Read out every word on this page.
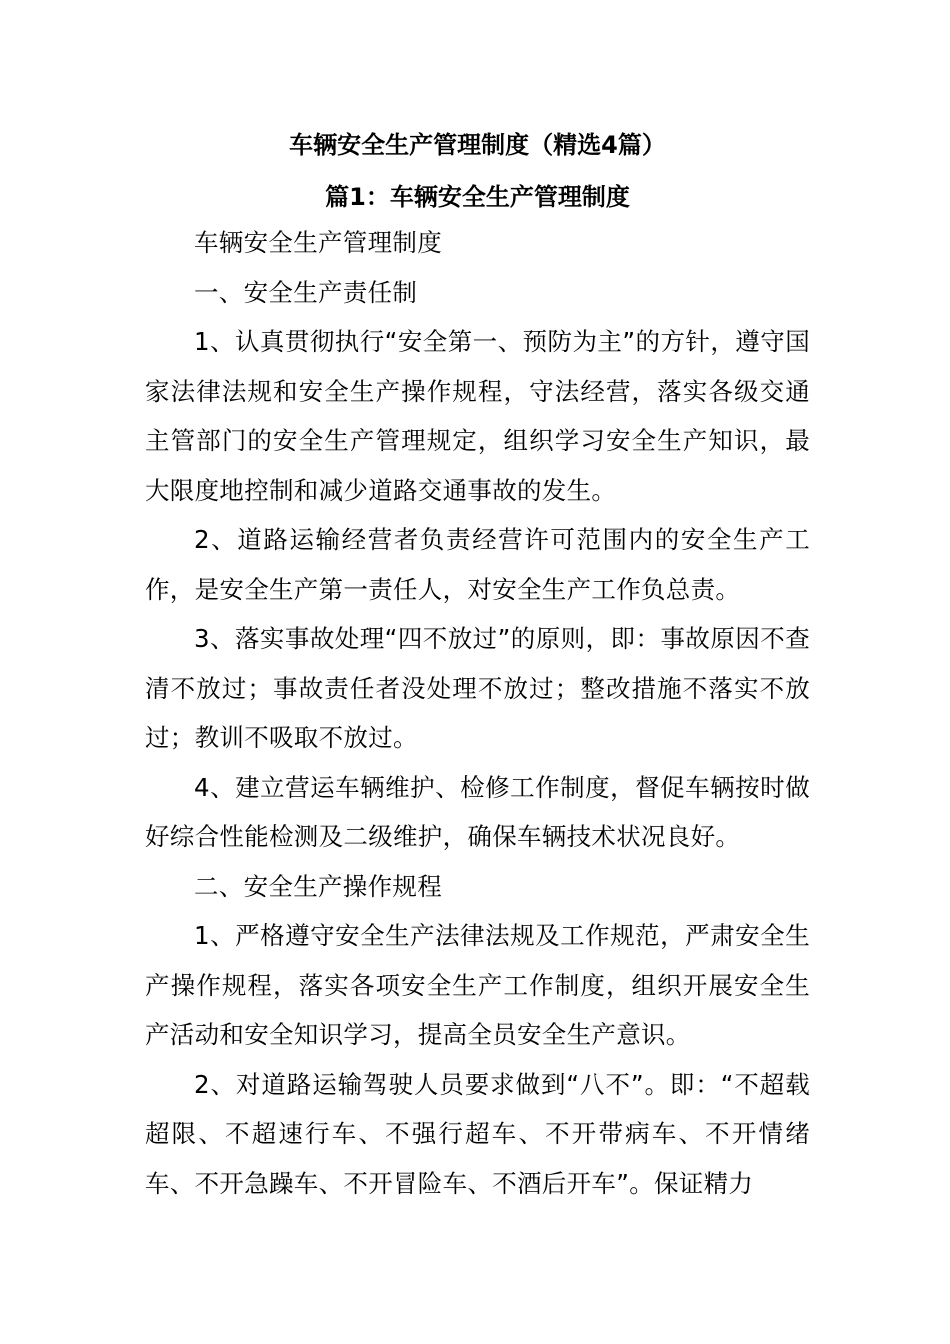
车辆安全生产管理制度（精选4篇）
篇1：车辆安全生产管理制度

车辆安全生产管理制度

一、安全生产责任制

1、认真贯彻执行“安全第一、预防为主”的方针，遵守国家法律法规和安全生产操作规程，守法经营，落实各级交通主管部门的安全生产管理规定，组织学习安全生产知识，最大限度地控制和减少道路交通事故的发生。

2、道路运输经营者负责经营许可范围内的安全生产工作，是安全生产第一责任人，对安全生产工作负总责。

3、落实事故处理“四不放过”的原则，即：事故原因不查清不放过；事故责任者没处理不放过；整改措施不落实不放过；教训不吸取不放过。

4、建立营运车辆维护、检修工作制度，督促车辆按时做好综合性能检测及二级维护，确保车辆技术状况良好。

二、安全生产操作规程

1、严格遵守安全生产法律法规及工作规范，严肃安全生产操作规程，落实各项安全生产工作制度，组织开展安全生产活动和安全知识学习，提高全员安全生产意识。

2、对道路运输驾驶人员要求做到“八不”。即：“不超载超限、不超速行车、不强行超车、不开带病车、不开情绪车、不开急躁车、不开冒险车、不酒后开车”。保证精力
